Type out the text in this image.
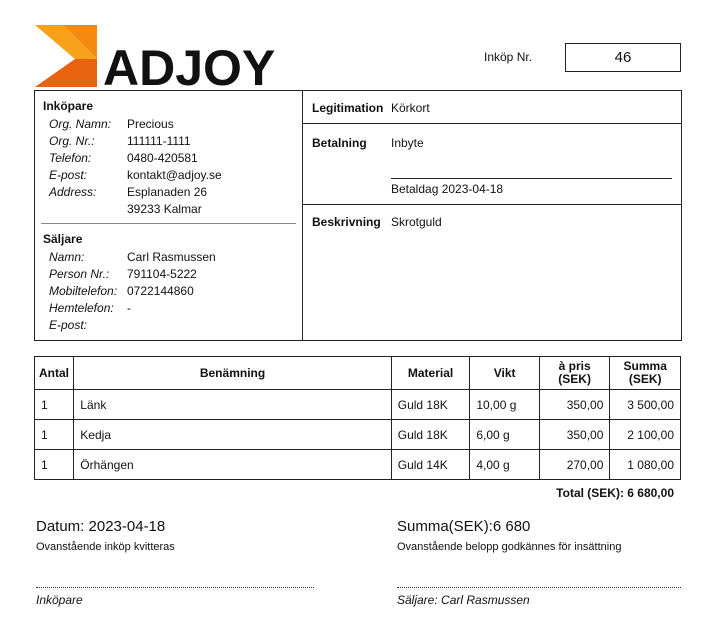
ADJOY	Inköp Nr.	46
Inköpare
Org. Namn: Precious
Org. Nr.:	111111-1111
Telefon:	0480-420581
E-post:	kontakt@adjoy.se
Address:	Esplanaden 26
39233 Kalmar
Säljare
Namn:	Carl Rasmussen
Person Nr.: 791104-5222
Mobiltelefon: 0722144860
Hemtelefon: -
E-post:
Legitimation Körkort
Betalning Inbyte
Betaldag 2023-04-18
Beskrivning Skrotguld
Antal	Benämning	Material	Vikt	à pris (SEK)	Summa (SEK)
1	Länk	Guld 18K	10,00 g	350,00	3 500,00
1	Kedja	Guld 18K	6,00 g	350,00	2 100,00
1	Örhängen	Guld 14K	4,00 g	270,00	1 080,00
Total (SEK): 6 680,00
Datum: 2023-04-18
Ovanstående inköp kvitteras
Summa(SEK):6 680
Ovanstående belopp godkännes för insättning
Inköpare	Säljare: Carl Rasmussen
